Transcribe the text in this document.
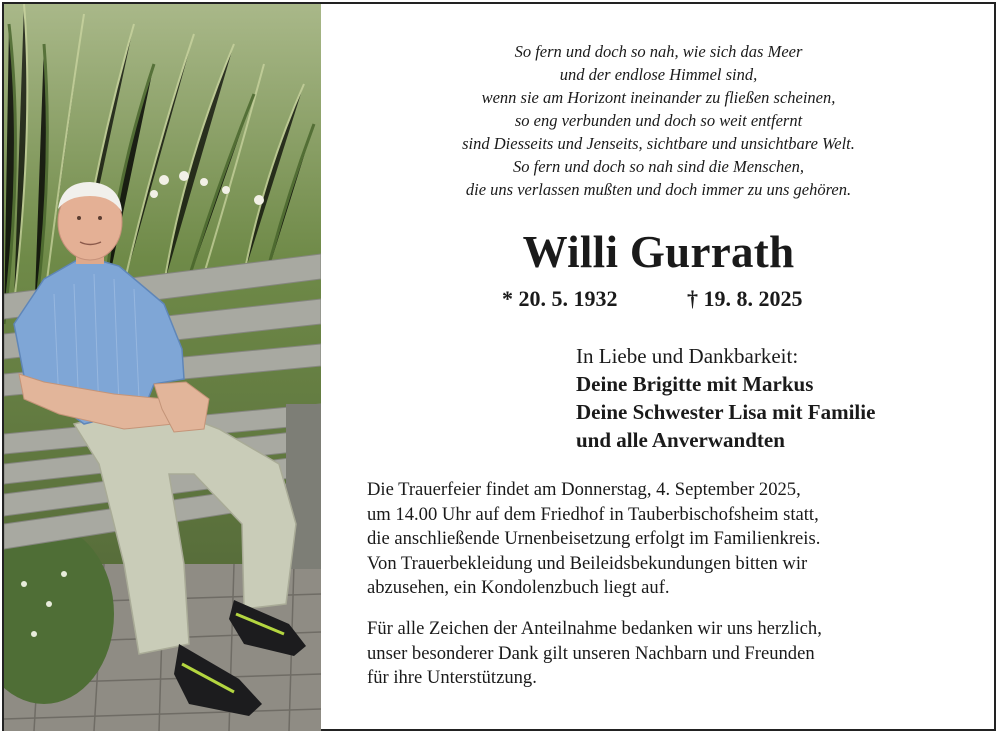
So fern und doch so nah, wie sich das Meer
und der endlose Himmel sind,
wenn sie am Horizont ineinander zu fließen scheinen,
so eng verbunden und doch so weit entfernt
sind Diesseits und Jenseits, sichtbare und unsichtbare Welt.
So fern und doch so nah sind die Menschen,
die uns verlassen mußten und doch immer zu uns gehören.
Willi Gurrath
* 20. 5. 1932	† 19. 8. 2025
In Liebe und Dankbarkeit:
Deine Brigitte mit Markus
Deine Schwester Lisa mit Familie
und alle Anverwandten
Die Trauerfeier findet am Donnerstag, 4. September 2025,
um 14.00 Uhr auf dem Friedhof in Tauberbischofsheim statt,
die anschließende Urnenbeisetzung erfolgt im Familienkreis.
Von Trauerbekleidung und Beileidsbekundungen bitten wir
abzusehen, ein Kondolenzbuch liegt auf.
Für alle Zeichen der Anteilnahme bedanken wir uns herzlich,
unser besonderer Dank gilt unseren Nachbarn und Freunden
für ihre Unterstützung.
